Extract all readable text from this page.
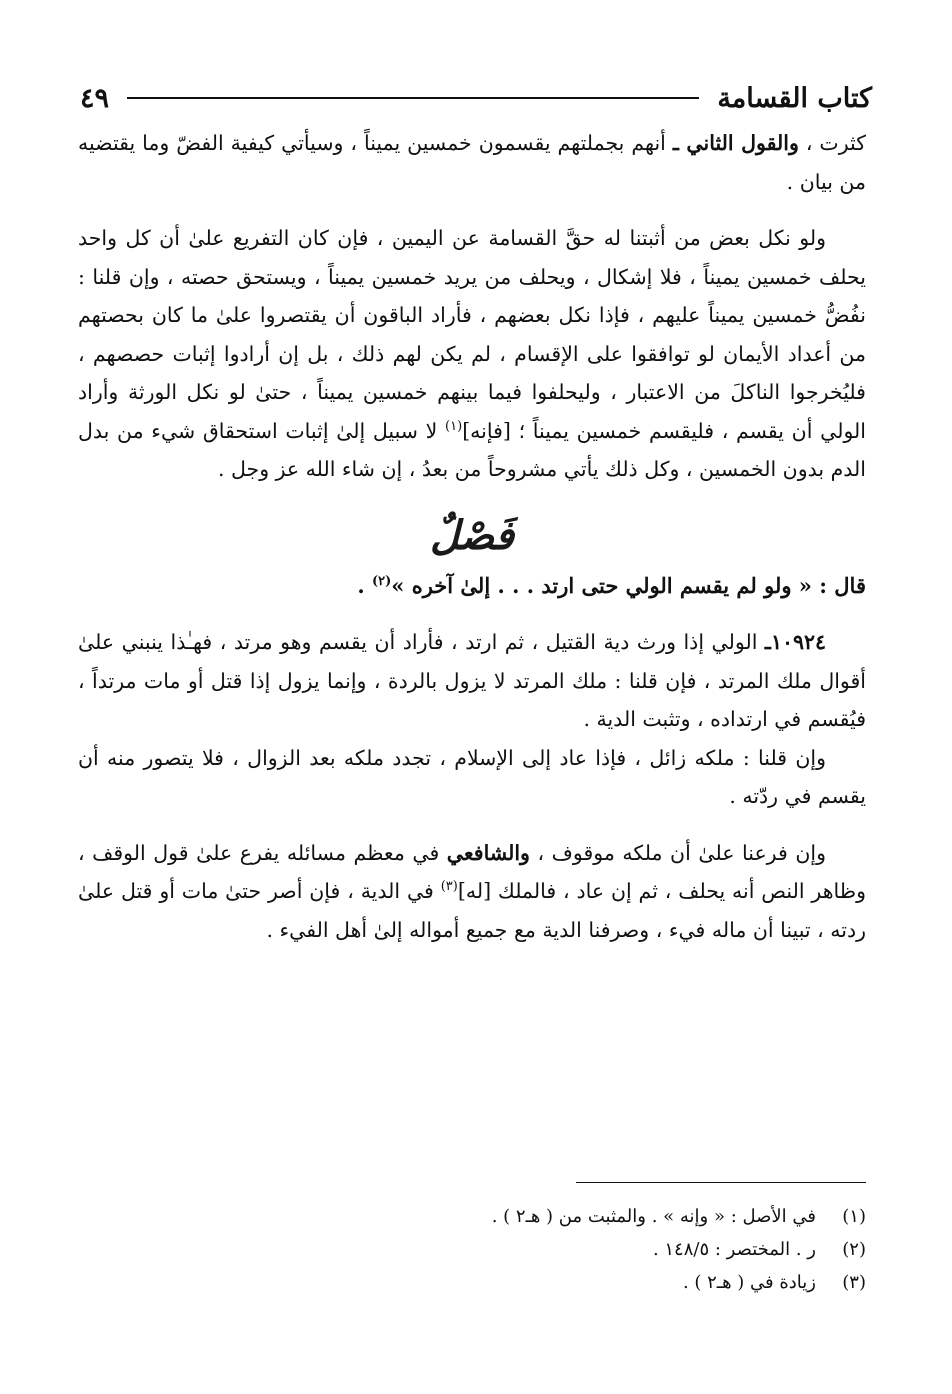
كتاب القسامة
٤٩

كثرت ، والقول الثاني ـ أنهم بجملتهم يقسمون خمسين يميناً ، وسيأتي كيفية الفضّ وما يقتضيه من بيان .

ولو نكل بعض من أثبتنا له حقَّ القسامة عن اليمين ، فإن كان التفريع علىٰ أن كل واحد يحلف خمسين يميناً ، فلا إشكال ، ويحلف من يريد خمسين يميناً ، ويستحق حصته ، وإن قلنا : نفُضُّ خمسين يميناً عليهم ، فإذا نكل بعضهم ، فأراد الباقون أن يقتصروا علىٰ ما كان بحصتهم من أعداد الأيمان لو توافقوا على الإقسام ، لم يكن لهم ذلك ، بل إن أرادوا إثبات حصصهم ، فليُخرجوا الناكلَ من الاعتبار ، وليحلفوا فيما بينهم خمسين يميناً ، حتىٰ لو نكل الورثة وأراد الولي أن يقسم ، فليقسم خمسين يميناً ؛ [فإنه]$^{(١)}$ لا سبيل إلىٰ إثبات استحقاق شيء من بدل الدم بدون الخمسين ، وكل ذلك يأتي مشروحاً من بعدُ ، إن شاء الله عز وجل .

فَصْلٌ

قال : « ولو لم يقسم الولي حتى ارتد . . . إلىٰ آخره »$^{(٢)}$ .

١٠٩٢٤ـ الولي إذا ورث دية القتيل ، ثم ارتد ، فأراد أن يقسم وهو مرتد ، فهـٰذا ينبني علىٰ أقوال ملك المرتد ، فإن قلنا : ملك المرتد لا يزول بالردة ، وإنما يزول إذا قتل أو مات مرتداً ، فيُقسم في ارتداده ، وتثبت الدية .

وإن قلنا : ملكه زائل ، فإذا عاد إلى الإسلام ، تجدد ملكه بعد الزوال ، فلا يتصور منه أن يقسم في ردّته .

وإن فرعنا علىٰ أن ملكه موقوف ، والشافعي في معظم مسائله يفرع علىٰ قول الوقف ، وظاهر النص أنه يحلف ، ثم إن عاد ، فالملك [له]$^{(٣)}$ في الدية ، فإن أصر حتىٰ مات أو قتل علىٰ ردته ، تبينا أن ماله فيء ، وصرفنا الدية مع جميع أمواله إلىٰ أهل الفيء .

(١)
في الأصل : « وإنه » . والمثبت من ( هـ٢ ) .
(٢)
ر . المختصر : ١٤٨/٥ .
(٣)
زيادة في ( هـ٢ ) .
